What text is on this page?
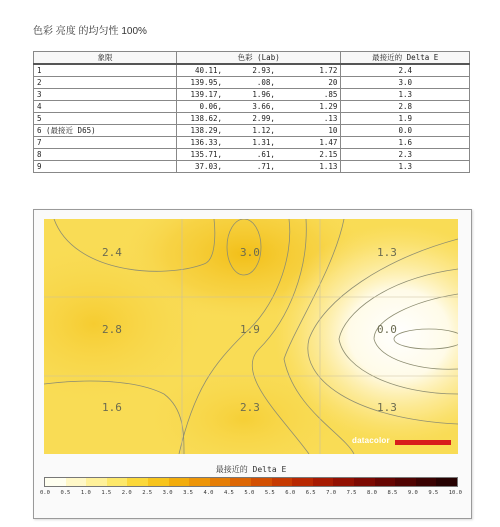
色彩 亮度 的均匀性 100%
象限	色彩 (Lab)			最接近的 Delta E
1	40.11,	2.93,	1.72	2.4
2	139.95,	.08,	20	3.0
3	139.17,	1.96,	.85	1.3
4	0.06,	3.66,	1.29	2.8
5	138.62,	2.99,	.13	1.9
6 (最接近 D65)	138.29,	1.12,	10	0.0
7	136.33,	1.31,	1.47	1.6
8	135.71,	.61,	2.15	2.3
9	37.03,	.71,	1.13	1.3
2.4	3.0	1.3
2.8	1.9	0.0
1.6	2.3	1.3
datacolor
最接近的 Delta E
0.0 0.5 1.0 1.5 2.0 2.5 3.0 3.5 4.0 4.5 5.0 5.5 6.0 6.5 7.0 7.5 8.0 8.5 9.0 9.5 10.0
